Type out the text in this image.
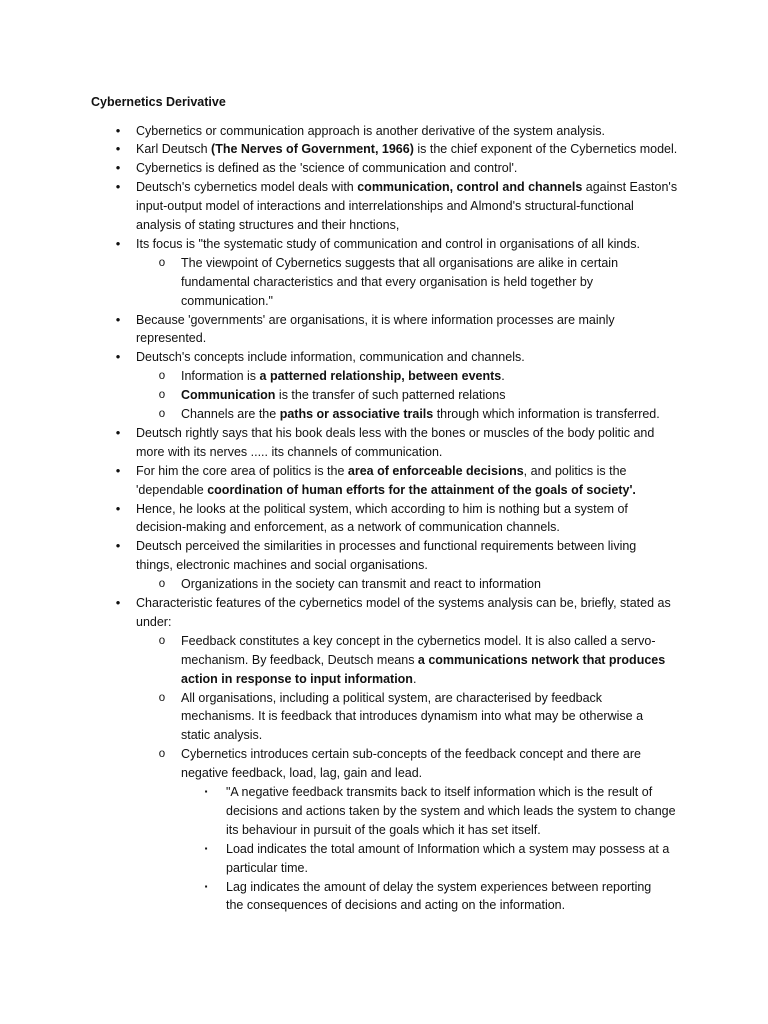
Cybernetics Derivative
•	Cybernetics or communication approach is another derivative of the system analysis.
•	Karl Deutsch (The Nerves of Government, 1966) is the chief exponent of the Cybernetics model.
•	Cybernetics is defined as the 'science of communication and control'.
•	Deutsch's cybernetics model deals with communication, control and channels against Easton's
input-output model of interactions and interrelationships and Almond's structural-functional
analysis of stating structures and their hnctions,
•	Its focus is "the systematic study of communication and control in organisations of all kinds.
o	The viewpoint of Cybernetics suggests that all organisations are alike in certain
fundamental characteristics and that every organisation is held together by
communication."
•	Because 'governments' are organisations, it is where information processes are mainly
represented.
•	Deutsch's concepts include information, communication and channels.
o	Information is a patterned relationship, between events.
o	Communication is the transfer of such patterned relations
o	Channels are the paths or associative trails through which information is transferred.
•	Deutsch rightly says that his book deals less with the bones or muscles of the body politic and
more with its nerves ..... its channels of communication.
•	For him the core area of politics is the area of enforceable decisions, and politics is the
'dependable coordination of human efforts for the attainment of the goals of society'.
•	Hence, he looks at the political system, which according to him is nothing but a system of
decision-making and enforcement, as a network of communication channels.
•	Deutsch perceived the similarities in processes and functional requirements between living
things, electronic machines and social organisations.
o	Organizations in the society can transmit and react to information
•	Characteristic features of the cybernetics model of the systems analysis can be, briefly, stated as
under:
o	Feedback constitutes a key concept in the cybernetics model. It is also called a servo-
mechanism. By feedback, Deutsch means a communications network that produces
action in response to input information.
o	All organisations, including a political system, are characterised by feedback
mechanisms. It is feedback that introduces dynamism into what may be otherwise a
static analysis.
o	Cybernetics introduces certain sub-concepts of the feedback concept and there are
negative feedback, load, lag, gain and lead.
▪	"A negative feedback transmits back to itself information which is the result of
decisions and actions taken by the system and which leads the system to change
its behaviour in pursuit of the goals which it has set itself.
▪	Load indicates the total amount of Information which a system may possess at a
particular time.
▪	Lag indicates the amount of delay the system experiences between reporting
the consequences of decisions and acting on the information.
